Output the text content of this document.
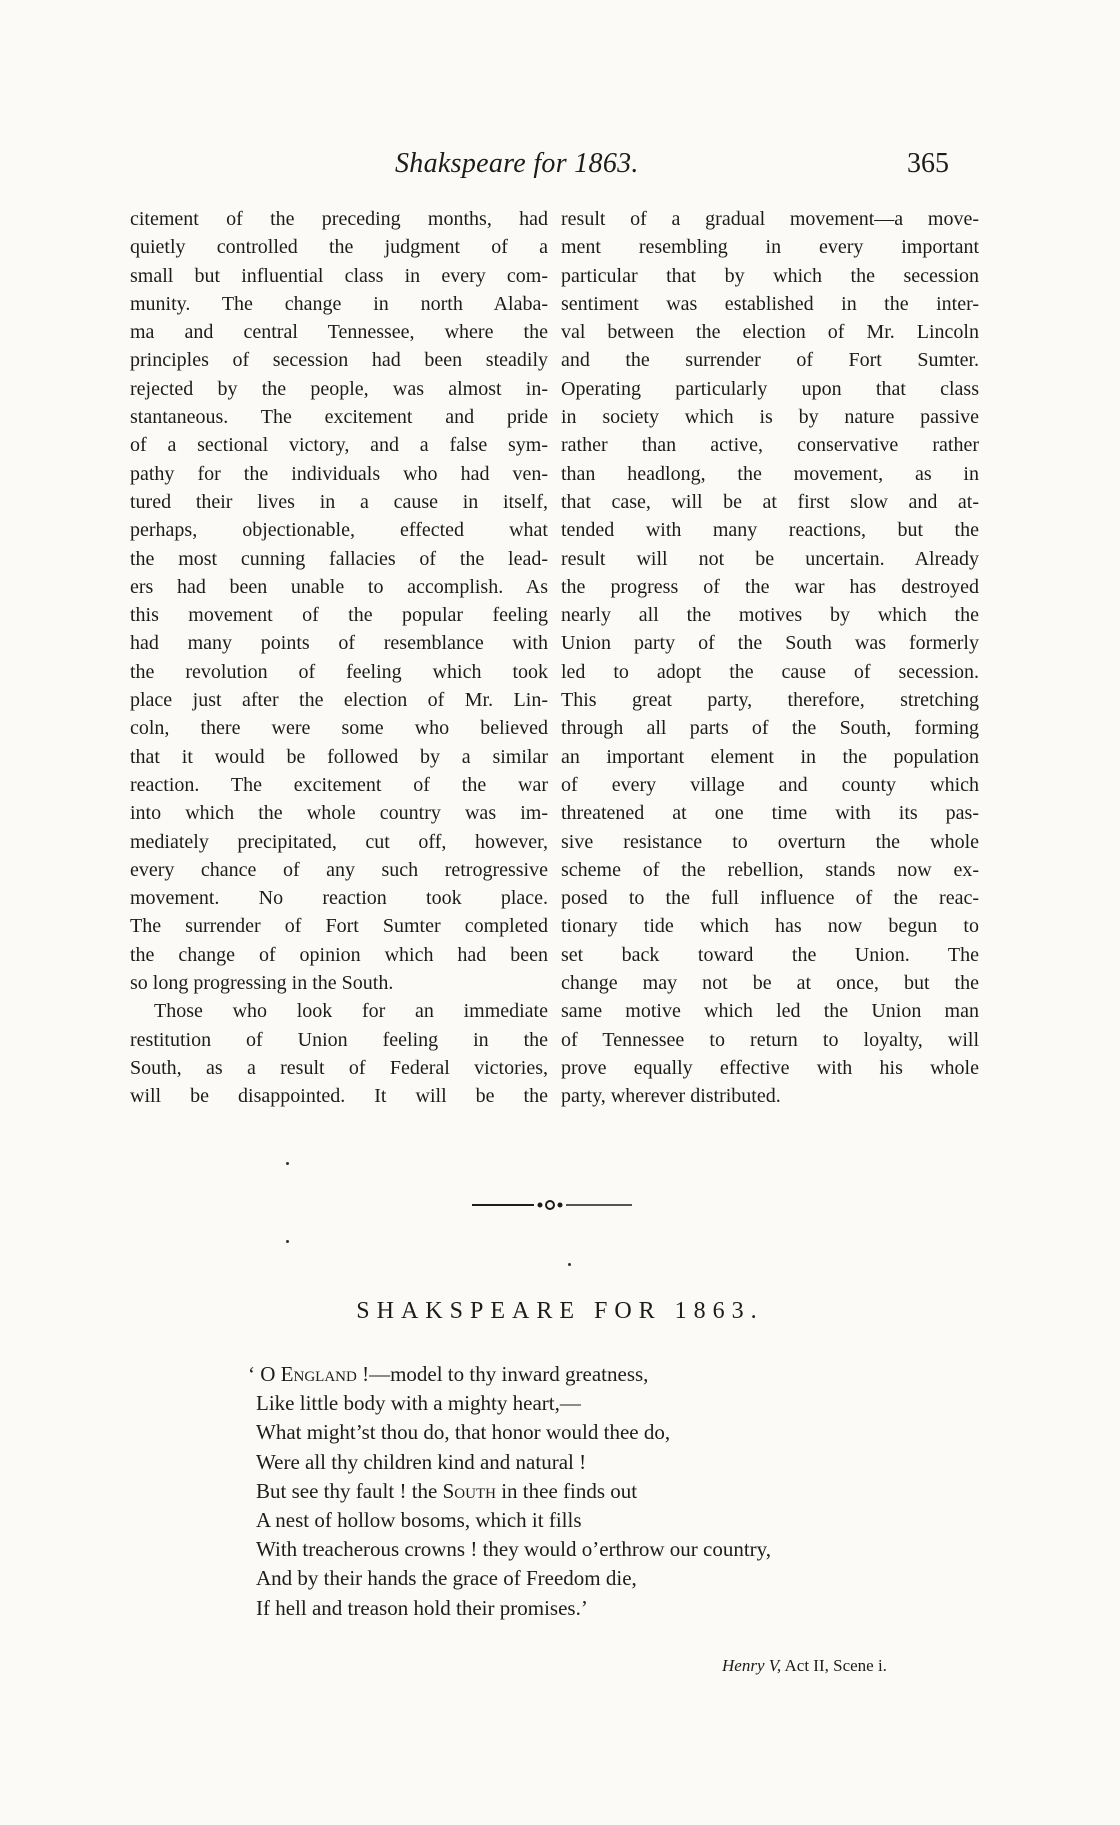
Shakspeare for 1863.	365
citement of the preceding months, had
quietly controlled the judgment of a
small but influential class in every com-
munity. The change in north Alaba-
ma and central Tennessee, where the
principles of secession had been steadily
rejected by the people, was almost in-
stantaneous. The excitement and pride
of a sectional victory, and a false sym-
pathy for the individuals who had ven-
tured their lives in a cause in itself,
perhaps, objectionable, effected what
the most cunning fallacies of the lead-
ers had been unable to accomplish. As
this movement of the popular feeling
had many points of resemblance with
the revolution of feeling which took
place just after the election of Mr. Lin-
coln, there were some who believed
that it would be followed by a similar
reaction. The excitement of the war
into which the whole country was im-
mediately precipitated, cut off, however,
every chance of any such retrogressive
movement. No reaction took place.
The surrender of Fort Sumter completed
the change of opinion which had been
so long progressing in the South.
Those who look for an immediate
restitution of Union feeling in the
South, as a result of Federal victories,
will be disappointed. It will be the
result of a gradual movement—a move-
ment resembling in every important
particular that by which the secession
sentiment was established in the inter-
val between the election of Mr. Lincoln
and the surrender of Fort Sumter.
Operating particularly upon that class
in society which is by nature passive
rather than active, conservative rather
than headlong, the movement, as in
that case, will be at first slow and at-
tended with many reactions, but the
result will not be uncertain. Already
the progress of the war has destroyed
nearly all the motives by which the
Union party of the South was formerly
led to adopt the cause of secession.
This great party, therefore, stretching
through all parts of the South, forming
an important element in the population
of every village and county which
threatened at one time with its pas-
sive resistance to overturn the whole
scheme of the rebellion, stands now ex-
posed to the full influence of the reac-
tionary tide which has now begun to
set back toward the Union. The
change may not be at once, but the
same motive which led the Union man
of Tennessee to return to loyalty, will
prove equally effective with his whole
party, wherever distributed.
SHAKSPEARE FOR 1863.
‘ O England !—model to thy inward greatness,
Like little body with a mighty heart,—
What might’st thou do, that honor would thee do,
Were all thy children kind and natural !
But see thy fault ! the South in thee finds out
A nest of hollow bosoms, which it fills
With treacherous crowns ! they would o’erthrow our country,
And by their hands the grace of Freedom die,
If hell and treason hold their promises.’
Henry V, Act II, Scene i.
